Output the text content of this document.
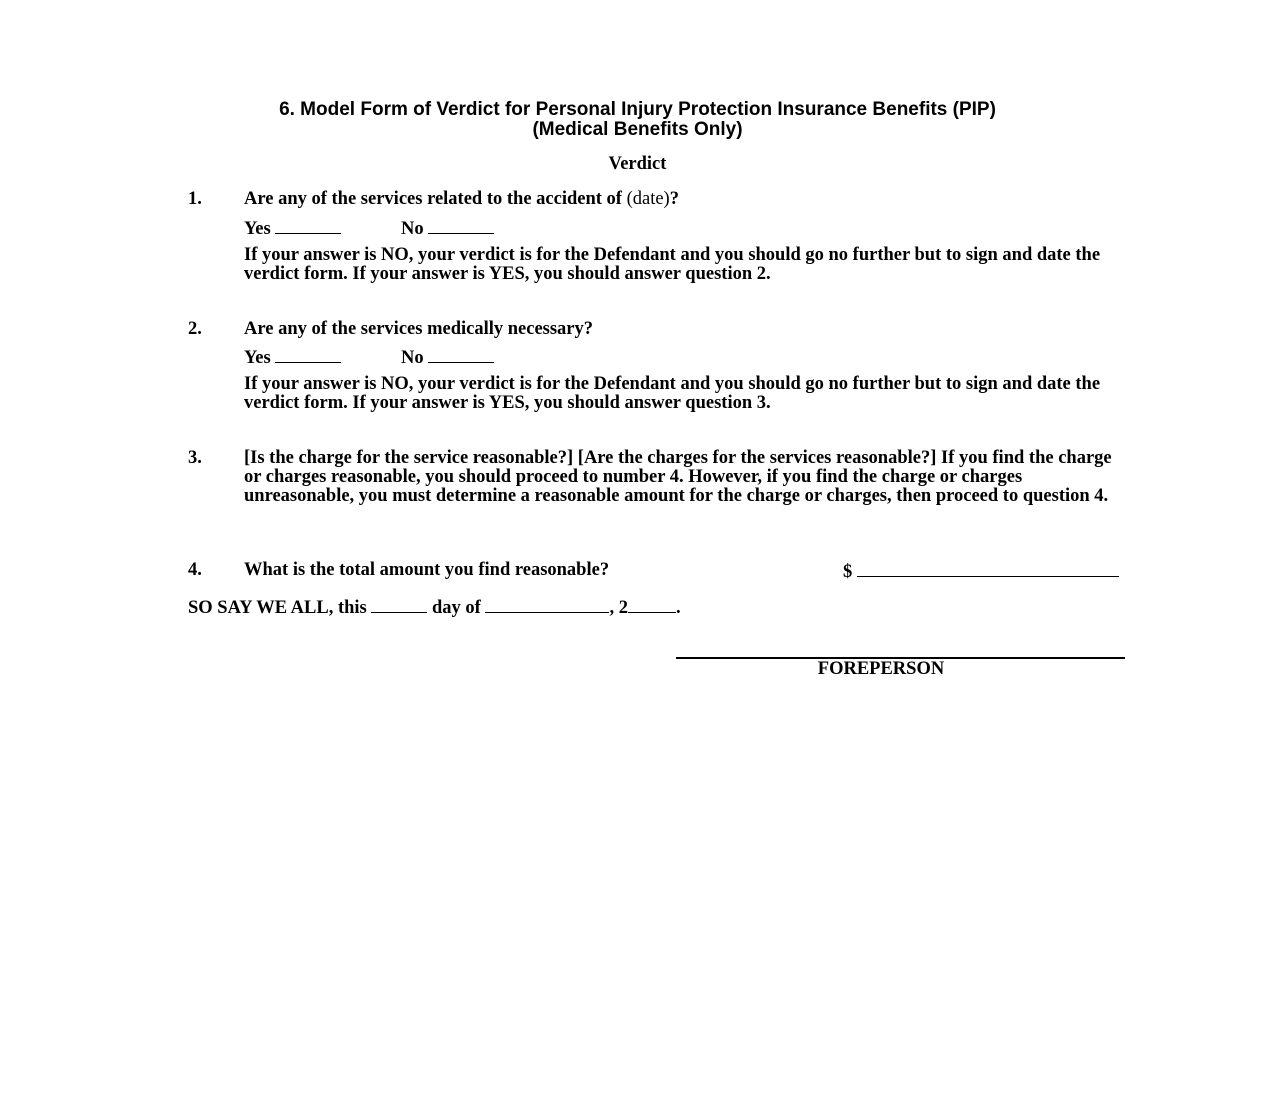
6. Model Form of Verdict for Personal Injury Protection Insurance Benefits (PIP)
(Medical Benefits Only)
Verdict
1. Are any of the services related to the accident of (date)?
Yes	No
If your answer is NO, your verdict is for the Defendant and you should go no further but to sign and date the verdict form. If your answer is YES, you should answer question 2.
2. Are any of the services medically necessary?
Yes	No
If your answer is NO, your verdict is for the Defendant and you should go no further but to sign and date the verdict form. If your answer is YES, you should answer question 3.
3. [Is the charge for the service reasonable?] [Are the charges for the services reasonable?] If you find the charge or charges reasonable, you should proceed to number 4. However, if you find the charge or charges unreasonable, you must determine a reasonable amount for the charge or charges, then proceed to question 4.
4. What is the total amount you find reasonable?	$
SO SAY WE ALL, this	day of	, 2	.
FOREPERSON
